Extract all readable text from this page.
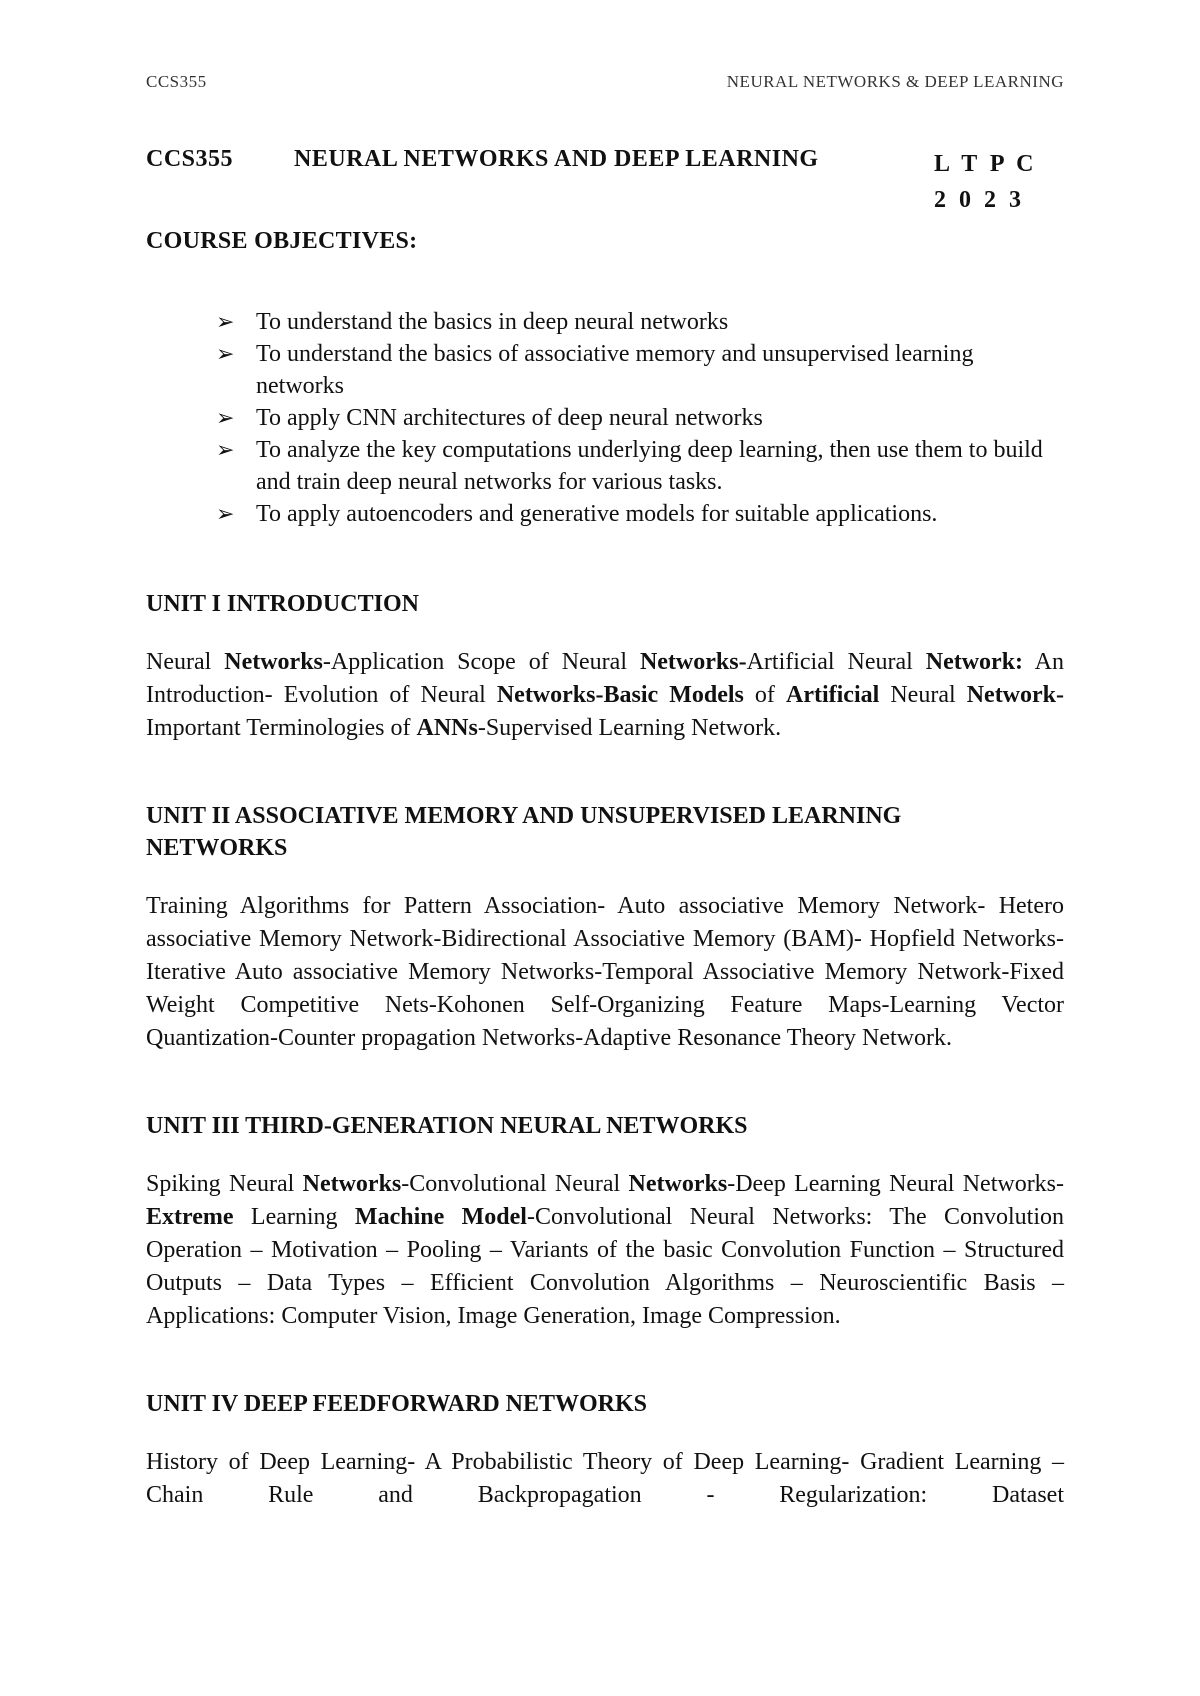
CCS355	NEURAL NETWORKS & DEEP LEARNING
CCS355	NEURAL NETWORKS AND DEEP LEARNING	L T P C
2 0 2 3
COURSE OBJECTIVES:
➢ To understand the basics in deep neural networks
➢ To understand the basics of associative memory and unsupervised learning networks
➢ To apply CNN architectures of deep neural networks
➢ To analyze the key computations underlying deep learning, then use them to build and train deep neural networks for various tasks.
➢ To apply autoencoders and generative models for suitable applications.
UNIT I INTRODUCTION
Neural Networks-Application Scope of Neural Networks-Artificial Neural Network: An Introduction- Evolution of Neural Networks-Basic Models of Artificial Neural Network- Important Terminologies of ANNs-Supervised Learning Network.
UNIT II ASSOCIATIVE MEMORY AND UNSUPERVISED LEARNING
NETWORKS
Training Algorithms for Pattern Association- Auto associative Memory Network- Hetero associative Memory Network-Bidirectional Associative Memory (BAM)- Hopfield Networks-Iterative Auto associative Memory Networks-Temporal Associative Memory Network-Fixed Weight Competitive Nets-Kohonen Self-Organizing Feature Maps-Learning Vector Quantization-Counter propagation Networks-Adaptive Resonance Theory Network.
UNIT III THIRD-GENERATION NEURAL NETWORKS
Spiking Neural Networks-Convolutional Neural Networks-Deep Learning Neural Networks-Extreme Learning Machine Model-Convolutional Neural Networks: The Convolution Operation – Motivation – Pooling – Variants of the basic Convolution Function – Structured Outputs – Data Types – Efficient Convolution Algorithms – Neuroscientific Basis – Applications: Computer Vision, Image Generation, Image Compression.
UNIT IV DEEP FEEDFORWARD NETWORKS
History of Deep Learning- A Probabilistic Theory of Deep Learning- Gradient Learning – Chain Rule and Backpropagation - Regularization: Dataset
